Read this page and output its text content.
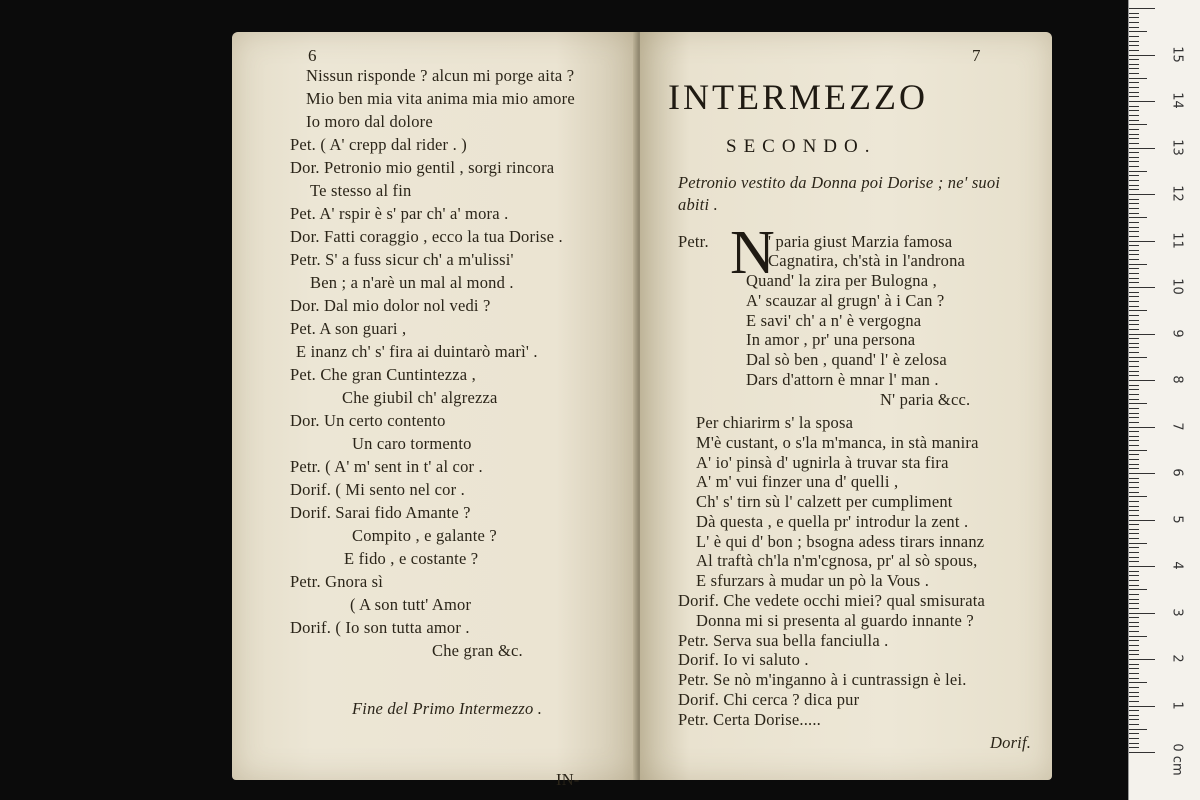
6
Nissun risponde ? alcun mi porge aita ?
Mio ben mia vita anima mia mio amore
Io moro dal dolore
Pet. ( A' crepp dal rider . )
Dor. Petronio mio gentil , sorgi rincora
Te stesso al fin
Pet. A' rspir è s' par ch' a' mora .
Dor. Fatti coraggio , ecco la tua Dorise .
Petr. S' a fuss sicur ch' a m'ulissi'
Ben ; a n'arè un mal al mond .
Dor. Dal mio dolor nol vedi ?
Pet. A son guari ,
E inanz ch' s' fira ai duintarò marì' .
Pet. Che gran Cuntintezza ,
Che giubil ch' algrezza
Dor. Un certo contento
Un caro tormento
Petr. ( A' m' sent in t' al cor .
Dorif. ( Mi sento nel cor .
Dorif. Sarai fido Amante ?
Compito , e galante ?
E fido , e costante ?
Petr. Gnora sì
( A son tutt' Amor
Dorif. ( Io son tutta amor .
Che gran &c.
Fine del Primo Intermezzo .
IN-
7
INTERMEZZO
SECONDO.
Petronio vestito da Donna poi Dorise ; ne' suoi abiti .
N
Petr.	' paria giust Marzia famosa
Cagnatira, ch'stà in l'androna
Quand' la zira per Bulogna ,
A' scauzar al grugn' à i Can ?
E savi' ch' a n' è vergogna
In amor , pr' una persona
Dal sò ben , quand' l' è zelosa
Dars d'attorn è mnar l' man .
N' paria &cc.
Per chiarirm s' la sposa
M'è custant, o s'la m'manca, in stà manira
A' io' pinsà d' ugnirla à truvar sta fira
A' m' vui finzer una d' quelli ,
Ch' s' tirn sù l' calzett per cumpliment
Dà questa , e quella pr' introdur la zent .
L' è qui d' bon ; bsogna adess tirars innanz
Al traftà ch'la n'm'cgnosa, pr' al sò spous,
E sfurzars à mudar un pò la Vous .
Dorif. Che vedete occhi miei? qual smisurata
Donna mi si presenta al guardo innante ?
Petr. Serva sua bella fanciulla .
Dorif. Io vi saluto .
Petr. Se nò m'inganno à i cuntrassign è lei.
Dorif. Chi cerca ? dica pur
Petr. Certa Dorise.....
Dorif.
1
2
3
4
5
6
7
8
9
10
11
12
13
14
15
0 cm
